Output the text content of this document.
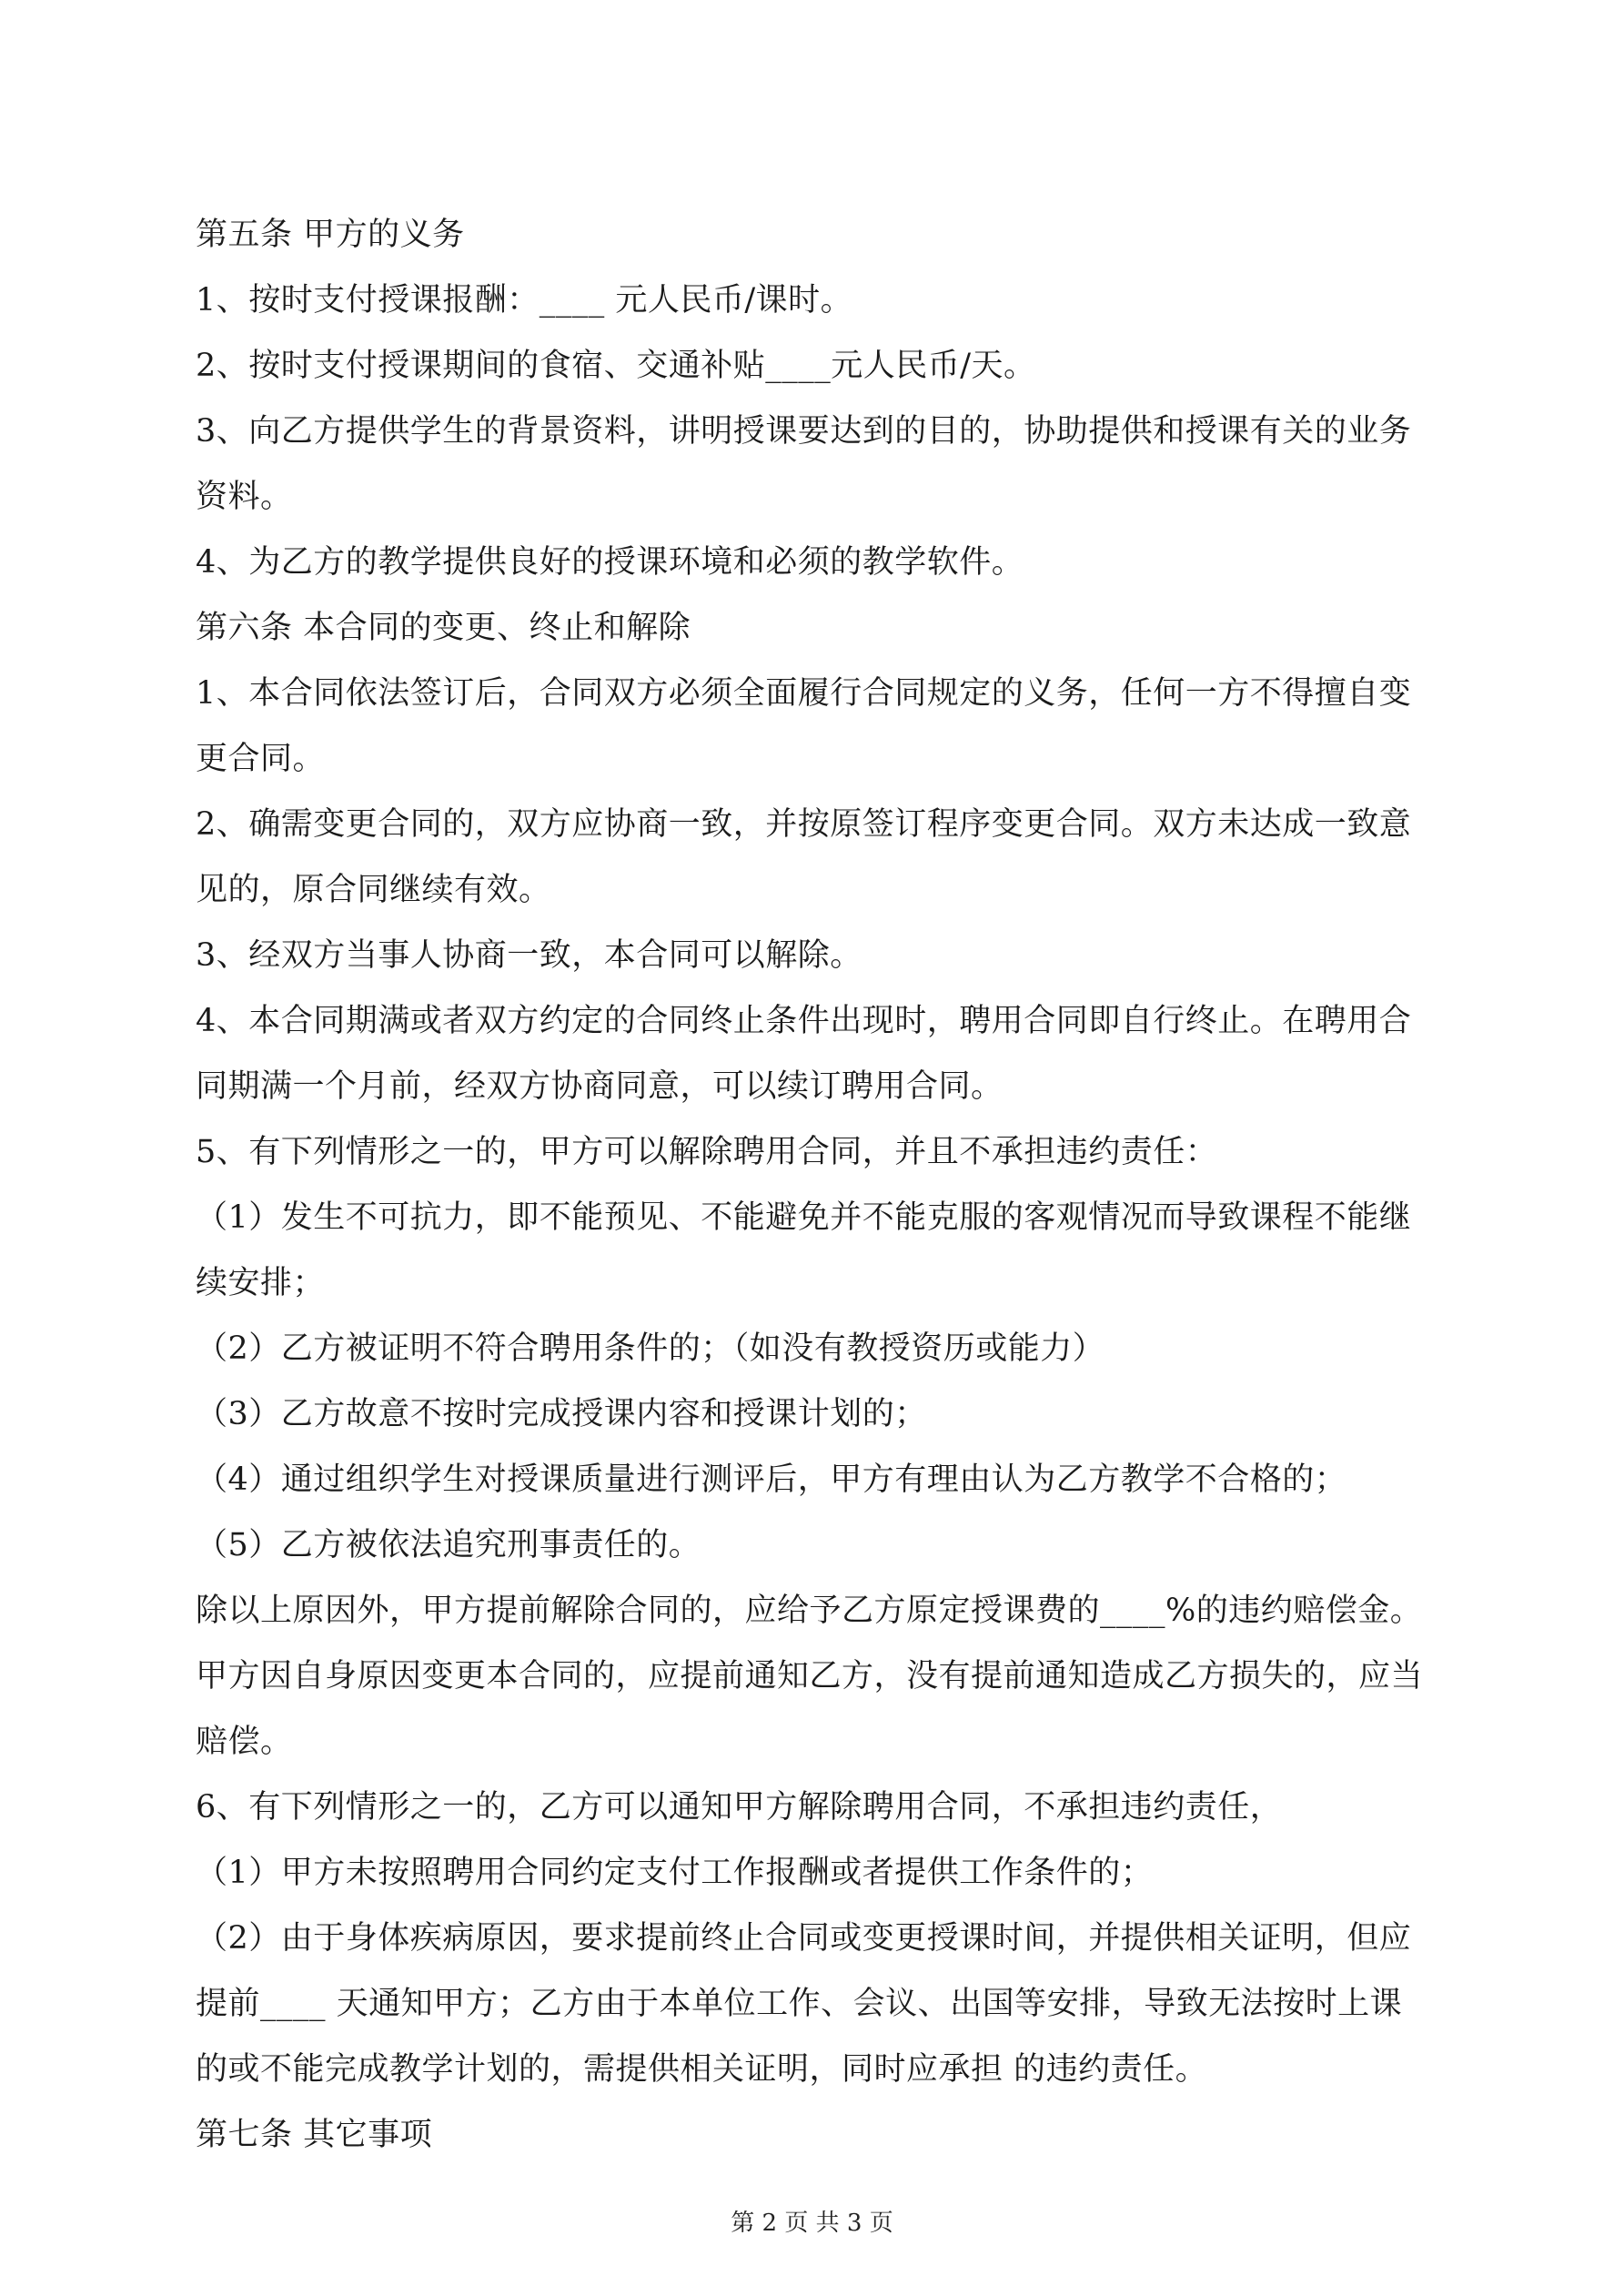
第五条 甲方的义务
1、按时支付授课报酬：____ 元人民币/课时。
2、按时支付授课期间的食宿、交通补贴____元人民币/天。
3、向乙方提供学生的背景资料，讲明授课要达到的目的，协助提供和授课有关的业务
资料。
4、为乙方的教学提供良好的授课环境和必须的教学软件。
第六条 本合同的变更、终止和解除
1、本合同依法签订后，合同双方必须全面履行合同规定的义务，任何一方不得擅自变
更合同。
2、确需变更合同的，双方应协商一致，并按原签订程序变更合同。双方未达成一致意
见的，原合同继续有效。
3、经双方当事人协商一致，本合同可以解除。
4、本合同期满或者双方约定的合同终止条件出现时，聘用合同即自行终止。在聘用合
同期满一个月前，经双方协商同意，可以续订聘用合同。
5、有下列情形之一的，甲方可以解除聘用合同，并且不承担违约责任：
（1）发生不可抗力，即不能预见、不能避免并不能克服的客观情况而导致课程不能继
续安排；
（2）乙方被证明不符合聘用条件的；（如没有教授资历或能力）
（3）乙方故意不按时完成授课内容和授课计划的；
（4）通过组织学生对授课质量进行测评后，甲方有理由认为乙方教学不合格的；
（5）乙方被依法追究刑事责任的。
除以上原因外，甲方提前解除合同的，应给予乙方原定授课费的____%的违约赔偿金。
甲方因自身原因变更本合同的，应提前通知乙方，没有提前通知造成乙方损失的，应当
赔偿。
6、有下列情形之一的，乙方可以通知甲方解除聘用合同，不承担违约责任，
（1）甲方未按照聘用合同约定支付工作报酬或者提供工作条件的；
（2）由于身体疾病原因，要求提前终止合同或变更授课时间，并提供相关证明，但应
提前____ 天通知甲方；乙方由于本单位工作、会议、出国等安排，导致无法按时上课
的或不能完成教学计划的，需提供相关证明，同时应承担 的违约责任。
第七条 其它事项
第 2 页 共 3 页
